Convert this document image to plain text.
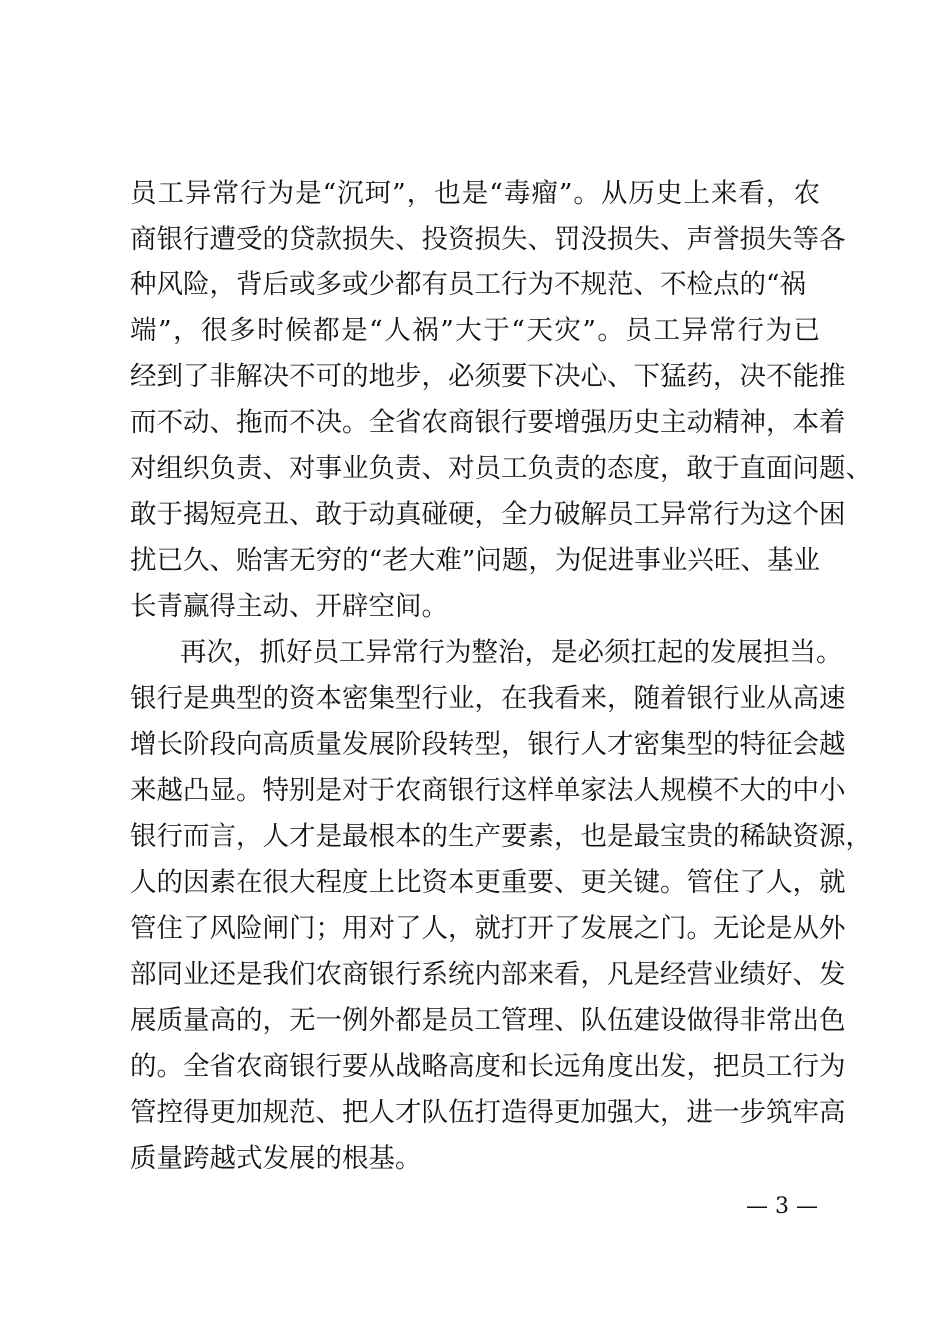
员工异常行为是“沉珂”，也是“毒瘤”。从历史上来看，农
商银行遭受的贷款损失、投资损失、罚没损失、声誉损失等各
种风险，背后或多或少都有员工行为不规范、不检点的“祸
端”，很多时候都是“人祸”大于“天灾”。员工异常行为已
经到了非解决不可的地步，必须要下决心、下猛药，决不能推
而不动、拖而不决。全省农商银行要增强历史主动精神，本着
对组织负责、对事业负责、对员工负责的态度，敢于直面问题、
敢于揭短亮丑、敢于动真碰硬，全力破解员工异常行为这个困
扰已久、贻害无穷的“老大难”问题，为促进事业兴旺、基业
长青赢得主动、开辟空间。
再次，抓好员工异常行为整治，是必须扛起的发展担当。
银行是典型的资本密集型行业，在我看来，随着银行业从高速
增长阶段向高质量发展阶段转型，银行人才密集型的特征会越
来越凸显。特别是对于农商银行这样单家法人规模不大的中小
银行而言，人才是最根本的生产要素，也是最宝贵的稀缺资源，
人的因素在很大程度上比资本更重要、更关键。管住了人，就
管住了风险闸门；用对了人，就打开了发展之门。无论是从外
部同业还是我们农商银行系统内部来看，凡是经营业绩好、发
展质量高的，无一例外都是员工管理、队伍建设做得非常出色
的。全省农商银行要从战略高度和长远角度出发，把员工行为
管控得更加规范、把人才队伍打造得更加强大，进一步筑牢高
质量跨越式发展的根基。
— 3 —
